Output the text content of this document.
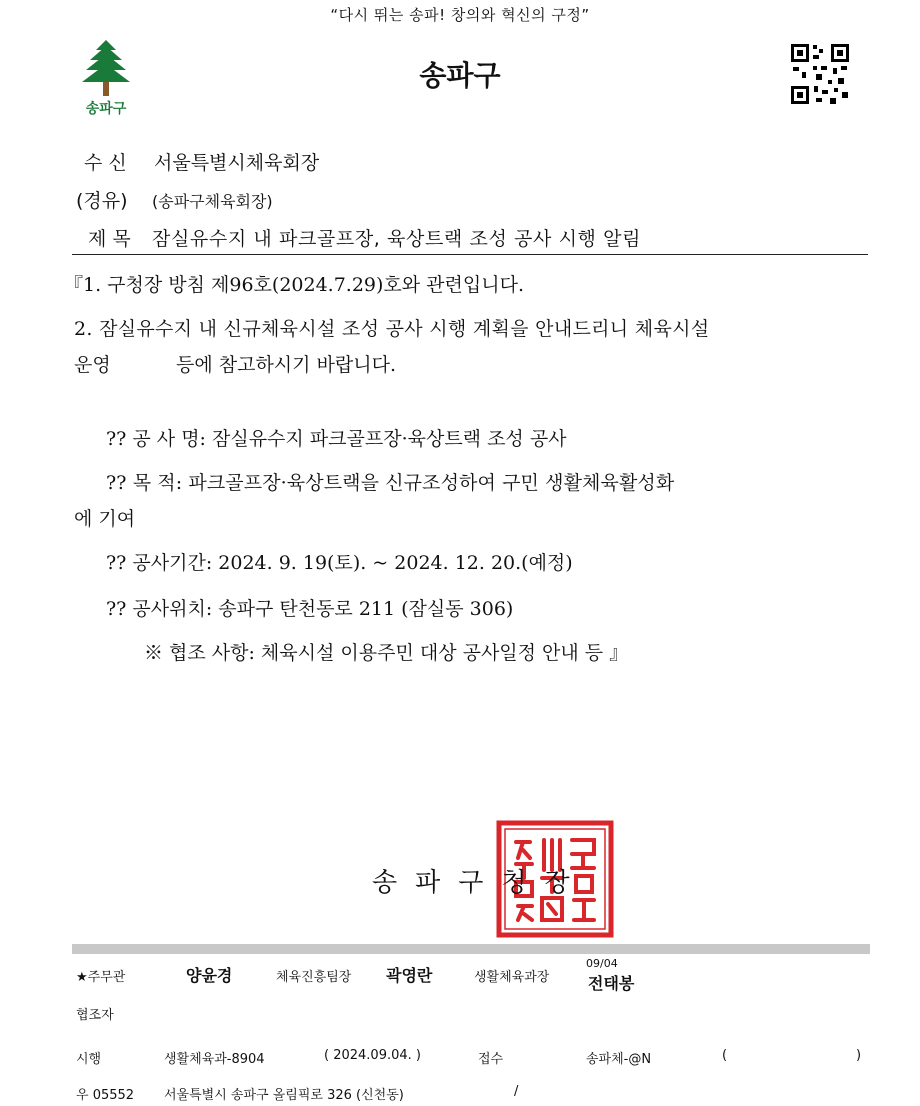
“다시 뛰는 송파! 창의와 혁신의 구정”
송파구
송파구
수 신 서울특별시체육회장
(경유) (송파구체육회장)
제 목 잠실유수지 내 파크골프장, 육상트랙 조성 공사 시행 알림
『1. 구청장 방침 제96호(2024.7.29)호와 관련입니다.
2. 잠실유수지 내 신규체육시설 조성 공사 시행 계획을 안내드리니 체육시설
운영	등에 참고하시기 바랍니다.
?? 공 사 명: 잠실유수지 파크골프장·육상트랙 조성 공사
?? 목 적: 파크골프장·육상트랙을 신규조성하여 구민 생활체육활성화
에 기여
?? 공사기간: 2024. 9. 19(토). ~ 2024. 12. 20.(예정)
?? 공사위치: 송파구 탄천동로 211 (잠실동 306)
※ 협조 사항: 체육시설 이용주민 대상 공사일정 안내 등 』
송파구청장
★주무관	양윤경	체육진흥팀장 곽영란	생활체육과장
09/04
전태봉
협조자
시행	생활체육과-8904	( 2024.09.04. )	접수	송파체-@N	(	)
우 05552 서울특별시 송파구 올림픽로 326 (신천동)	/
